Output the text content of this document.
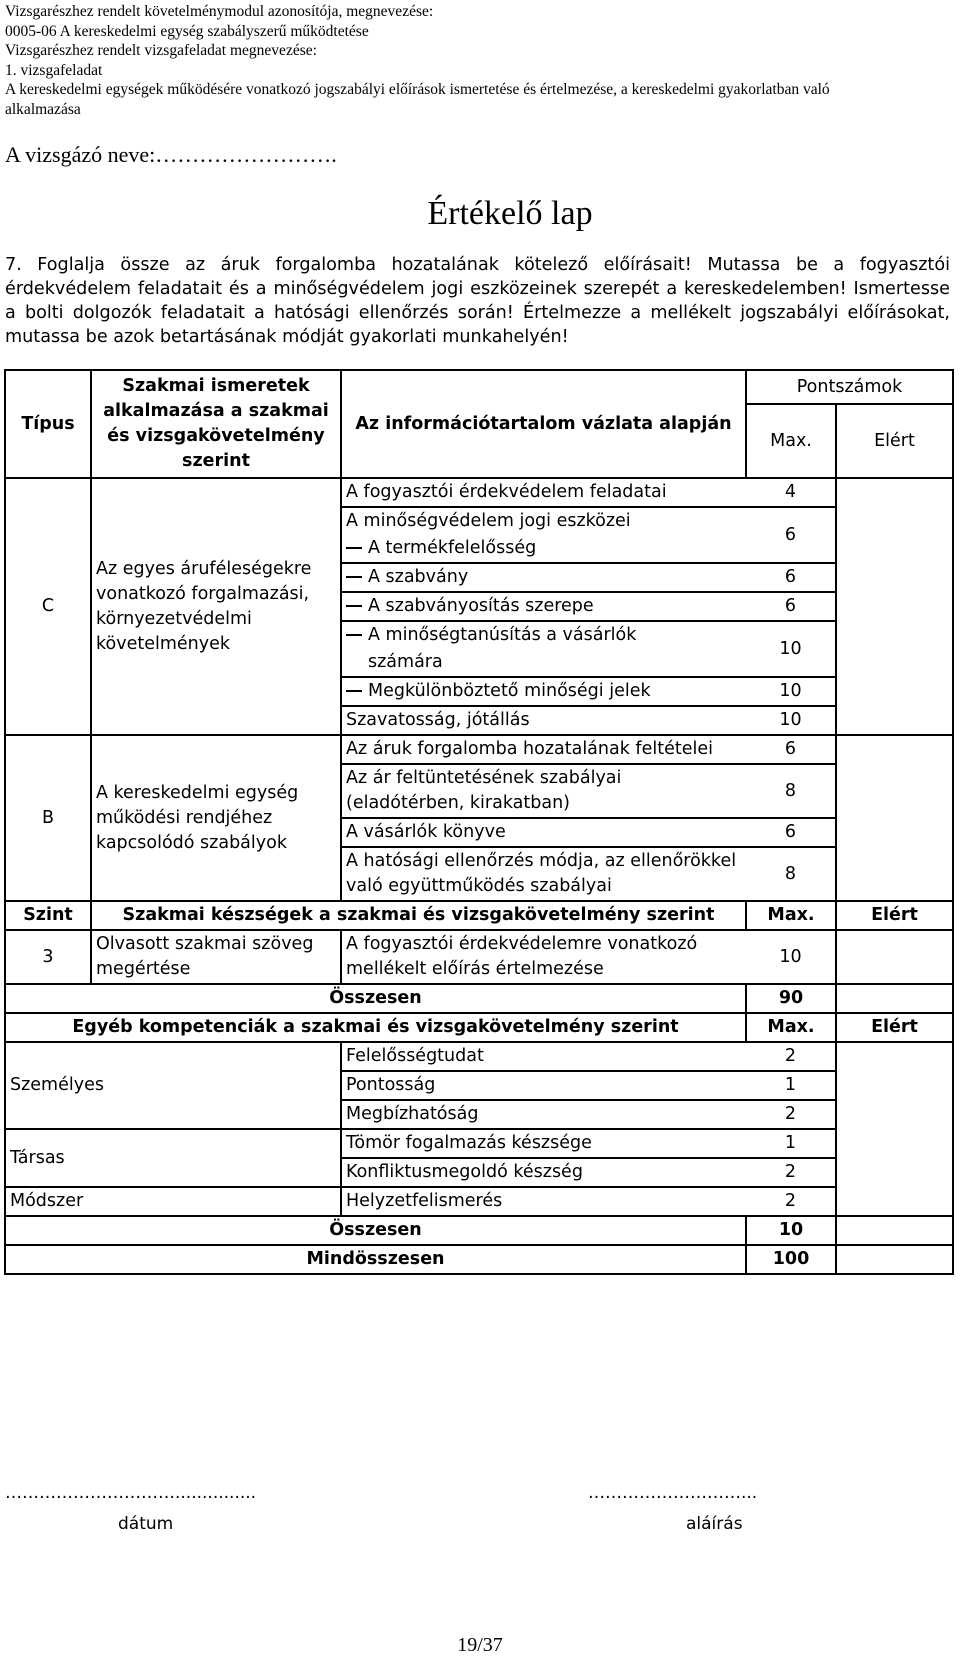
Vizsgarészhez rendelt követelménymodul azonosítója, megnevezése:
0005-06 A kereskedelmi egység szabályszerű működtetése
Vizsgarészhez rendelt vizsgafeladat megnevezése:
1. vizsgafeladat
A kereskedelmi egységek működésére vonatkozó jogszabályi előírások ismertetése és értelmezése, a kereskedelmi gyakorlatban való
alkalmazása
A vizsgázó neve:…………………….
Értékelő lap
7. Foglalja össze az áruk forgalomba hozatalának kötelező előírásait! Mutassa be a fogyasztói érdekvédelem feladatait és a minőségvédelem jogi eszközeinek szerepét a kereskedelemben! Ismertesse a bolti dolgozók feladatait a hatósági ellenőrzés során! Értelmezze a mellékelt jogszabályi előírásokat, mutassa be azok betartásának módját gyakorlati munkahelyén!
Típus	Szakmai ismeretek alkalmazása a szakmai és vizsgakövetelmény szerint	Az információtartalom vázlata alapján	Pontszámok	
			Max.	Elért
C	Az egyes áruféleségekre vonatkozó forgalmazási, környezetvédelmi követelmények	A fogyasztói érdekvédelem feladatai	4	
		A minőségvédelem jogi eszközei	6	
		A termékfelelősség		
		A szabvány	6	
		A szabványosítás szerepe	6	
		A minőségtanúsítás a vásárlók	10	
		számára		
		Megkülönböztető minőségi jelek	10	
		Szavatosság, jótállás	10	
B	A kereskedelmi egység működési rendjéhez kapcsolódó szabályok	Az áruk forgalomba hozatalának feltételei	6	
		Az ár feltüntetésének szabályai (eladótérben, kirakatban)	8	
		A vásárlók könyve	6	
		A hatósági ellenőrzés módja, az ellenőrökkel való együttműködés szabályai	8	
Szint	Szakmai készségek a szakmai és vizsgakövetelmény szerint		Max.	Elért
3	Olvasott szakmai szöveg megértése	A fogyasztói érdekvédelemre vonatkozó mellékelt előírás értelmezése	10	
Összesen			90	
Egyéb kompetenciák a szakmai és vizsgakövetelmény szerint			Max.	Elért
Személyes		Felelősségtudat	2	
		Pontosság	1	
		Megbízhatóság	2	
Társas		Tömör fogalmazás készsége	1	
		Konfliktusmegoldó készség	2	
Módszer		Helyzetfelismerés	2	
Összesen			10	
Mindösszesen			100	
…………………………...............
dátum
………………………...
aláírás
19/37
